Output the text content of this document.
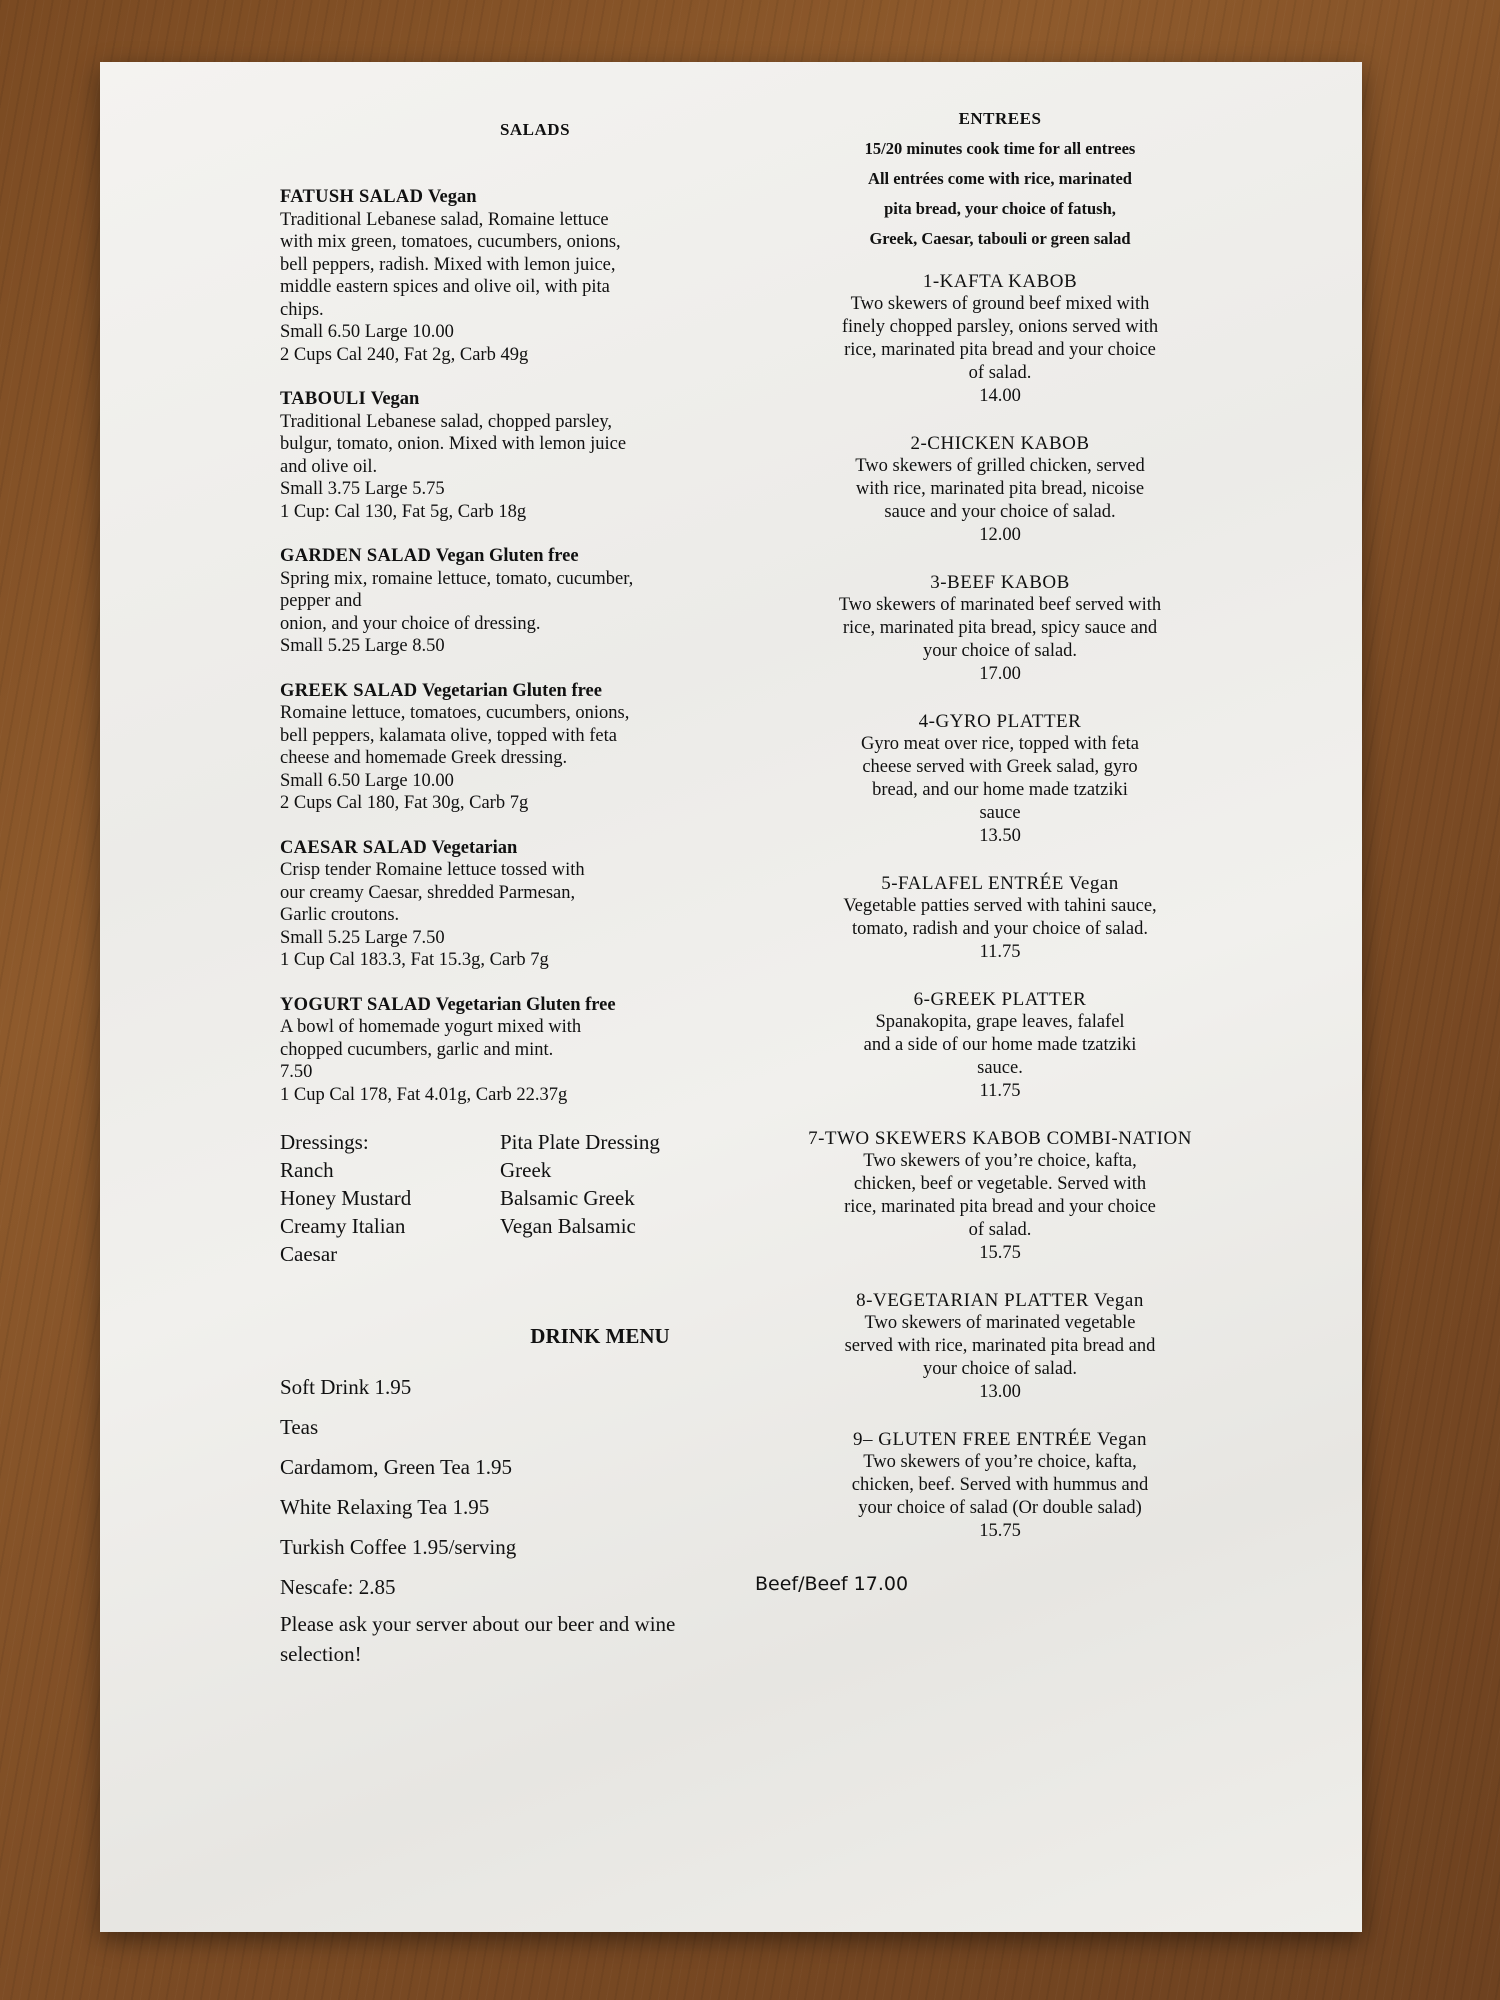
SALADS
FATUSH SALAD Vegan
Traditional Lebanese salad, Romaine lettuce
with mix green, tomatoes, cucumbers, onions,
bell peppers, radish. Mixed with lemon juice,
middle eastern spices and olive oil, with pita
chips.
Small 6.50 Large 10.00
2 Cups Cal 240, Fat 2g, Carb 49g
TABOULI Vegan
Traditional Lebanese salad, chopped parsley,
bulgur, tomato, onion. Mixed with lemon juice
and olive oil.
Small 3.75 Large 5.75
1 Cup: Cal 130, Fat 5g, Carb 18g
GARDEN SALAD Vegan Gluten free
Spring mix, romaine lettuce, tomato, cucumber,
pepper and
onion, and your choice of dressing.
Small 5.25 Large 8.50
GREEK SALAD Vegetarian Gluten free
Romaine lettuce, tomatoes, cucumbers, onions,
bell peppers, kalamata olive, topped with feta
cheese and homemade Greek dressing.
Small 6.50 Large 10.00
2 Cups Cal 180, Fat 30g, Carb 7g
CAESAR SALAD Vegetarian
Crisp tender Romaine lettuce tossed with
our creamy Caesar, shredded Parmesan,
Garlic croutons.
Small 5.25 Large 7.50
1 Cup Cal 183.3, Fat 15.3g, Carb 7g
YOGURT SALAD Vegetarian Gluten free
A bowl of homemade yogurt mixed with
chopped cucumbers, garlic and mint.
7.50
1 Cup Cal 178, Fat 4.01g, Carb 22.37g
Dressings:
Ranch
Honey Mustard
Creamy Italian
Caesar
Pita Plate Dressing
Greek
Balsamic Greek
Vegan Balsamic
DRINK MENU
Soft Drink 1.95
Teas
Cardamom, Green Tea 1.95
White Relaxing Tea 1.95
Turkish Coffee 1.95/serving
Nescafe: 2.85
Please ask your server about our beer and wine selection!
ENTREES
15/20 minutes cook time for all entrees
All entrées come with rice, marinated
pita bread, your choice of fatush,
Greek, Caesar, tabouli or green salad
1-KAFTA KABOB
Two skewers of ground beef mixed with
finely chopped parsley, onions served with
rice, marinated pita bread and your choice
of salad.
14.00
2-CHICKEN KABOB
Two skewers of grilled chicken, served
with rice, marinated pita bread, nicoise
sauce and your choice of salad.
12.00
3-BEEF KABOB
Two skewers of marinated beef served with
rice, marinated pita bread, spicy sauce and
your choice of salad.
17.00
4-GYRO PLATTER
Gyro meat over rice, topped with feta
cheese served with Greek salad, gyro
bread, and our home made tzatziki
sauce
13.50
5-FALAFEL ENTRÉE Vegan
Vegetable patties served with tahini sauce,
tomato, radish and your choice of salad.
11.75
6-GREEK PLATTER
Spanakopita, grape leaves, falafel
and a side of our home made tzatziki
sauce.
11.75
7-TWO SKEWERS KABOB COMBI-NATION
Two skewers of you’re choice, kafta,
chicken, beef or vegetable. Served with
rice, marinated pita bread and your choice
of salad.
15.75
8-VEGETARIAN PLATTER Vegan
Two skewers of marinated vegetable
served with rice, marinated pita bread and
your choice of salad.
13.00
9– GLUTEN FREE ENTRÉE Vegan
Two skewers of you’re choice, kafta,
chicken, beef. Served with hummus and
your choice of salad (Or double salad)
15.75
Beef/Beef 17.00
